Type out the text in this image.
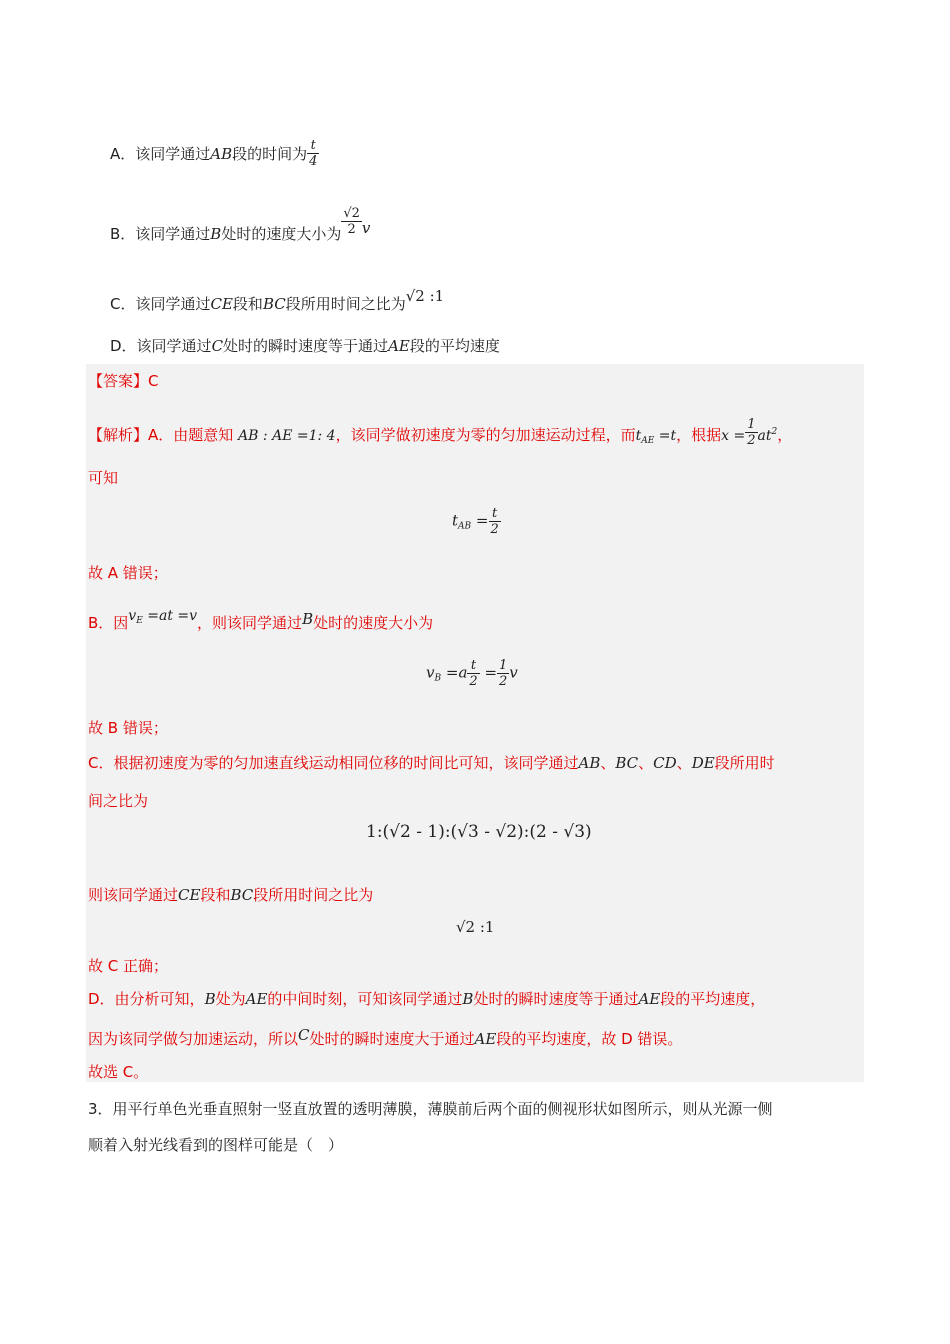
A．该同学通过AB段的时间为 $\frac{t}{4}$
B．该同学通过B处时的速度大小为 $\frac{√2}{2}$ v
C．该同学通过CE段和BC段所用时间之比为√2 :1
D．该同学通过C处时的瞬时速度等于通过AE段的平均速度
【答案】C
【解析】A．由题意知 AB : AE =1: 4，该同学做初速度为零的匀加速运动过程，而$t_{AE} =t$，根据$x = \frac{1}{2} at^2$，
可知
$t_{AB} = \frac{t}{2}$
故 A 错误；
B．因$v_E =at =v$，则该同学通过B处时的速度大小为
$v_B =a \frac{t}{2} = \frac{1}{2}$ v
故 B 错误；
C．根据初速度为零的匀加速直线运动相同位移的时间比可知，该同学通过AB、BC、CD、DE段所用时
间之比为
1:(√2 - 1):(√3 - √2):(2 - √3)
则该同学通过CE段和BC段所用时间之比为
√2 :1
故 C 正确；
D．由分析可知，B处为AE的中间时刻，可知该同学通过B处时的瞬时速度等于通过AE段的平均速度，
因为该同学做匀加速运动，所以C处时的瞬时速度大于通过AE段的平均速度，故 D 错误。
故选 C。
3．用平行单色光垂直照射一竖直放置的透明薄膜，薄膜前后两个面的侧视形状如图所示，则从光源一侧
顺着入射光线看到的图样可能是（　）
